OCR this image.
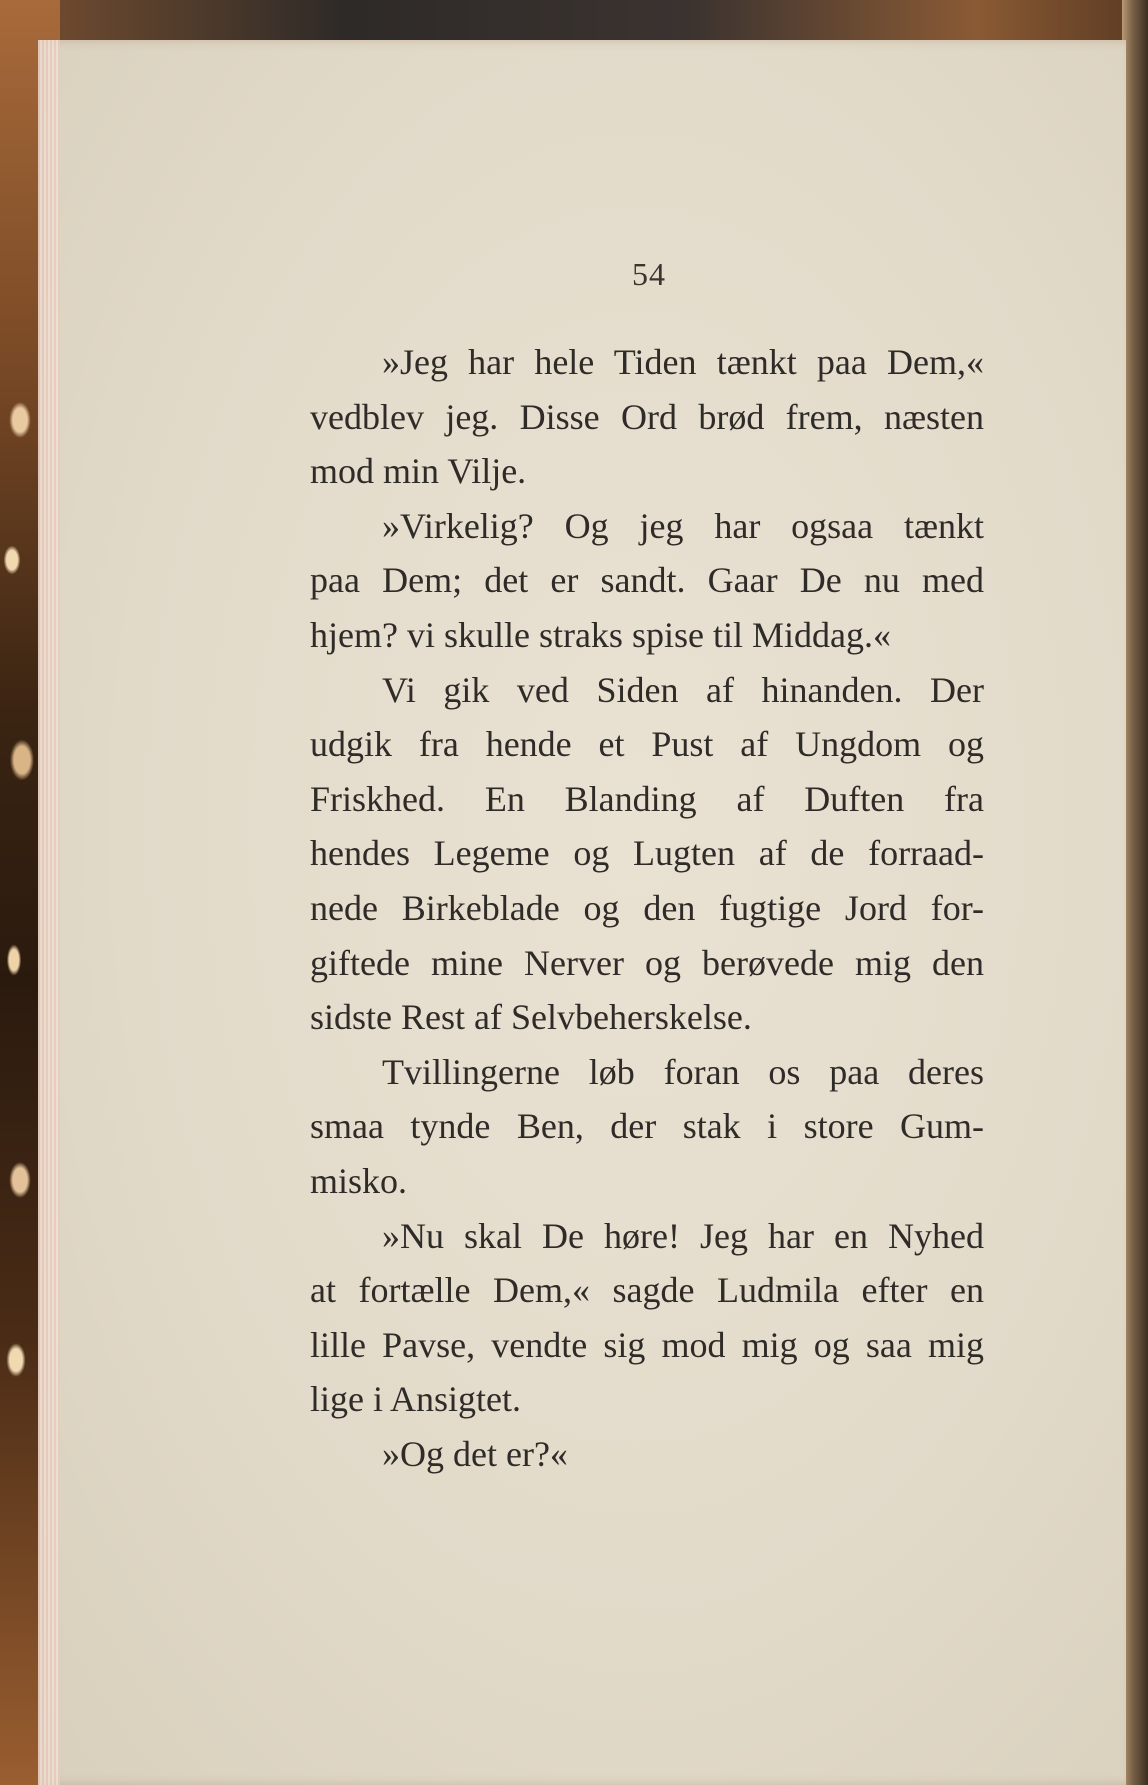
54
»Jeg har hele Tiden tænkt paa Dem,«
vedblev jeg. Disse Ord brød frem, næsten
mod min Vilje.
»Virkelig? Og jeg har ogsaa tænkt
paa Dem; det er sandt. Gaar De nu med
hjem? vi skulle straks spise til Middag.«
Vi gik ved Siden af hinanden. Der
udgik fra hende et Pust af Ungdom og
Friskhed. En Blanding af Duften fra
hendes Legeme og Lugten af de forraad-
nede Birkeblade og den fugtige Jord for-
giftede mine Nerver og berøvede mig den
sidste Rest af Selvbeherskelse.
Tvillingerne løb foran os paa deres
smaa tynde Ben, der stak i store Gum-
misko.
»Nu skal De høre! Jeg har en Nyhed
at fortælle Dem,« sagde Ludmila efter en
lille Pavse, vendte sig mod mig og saa mig
lige i Ansigtet.
»Og det er?«
